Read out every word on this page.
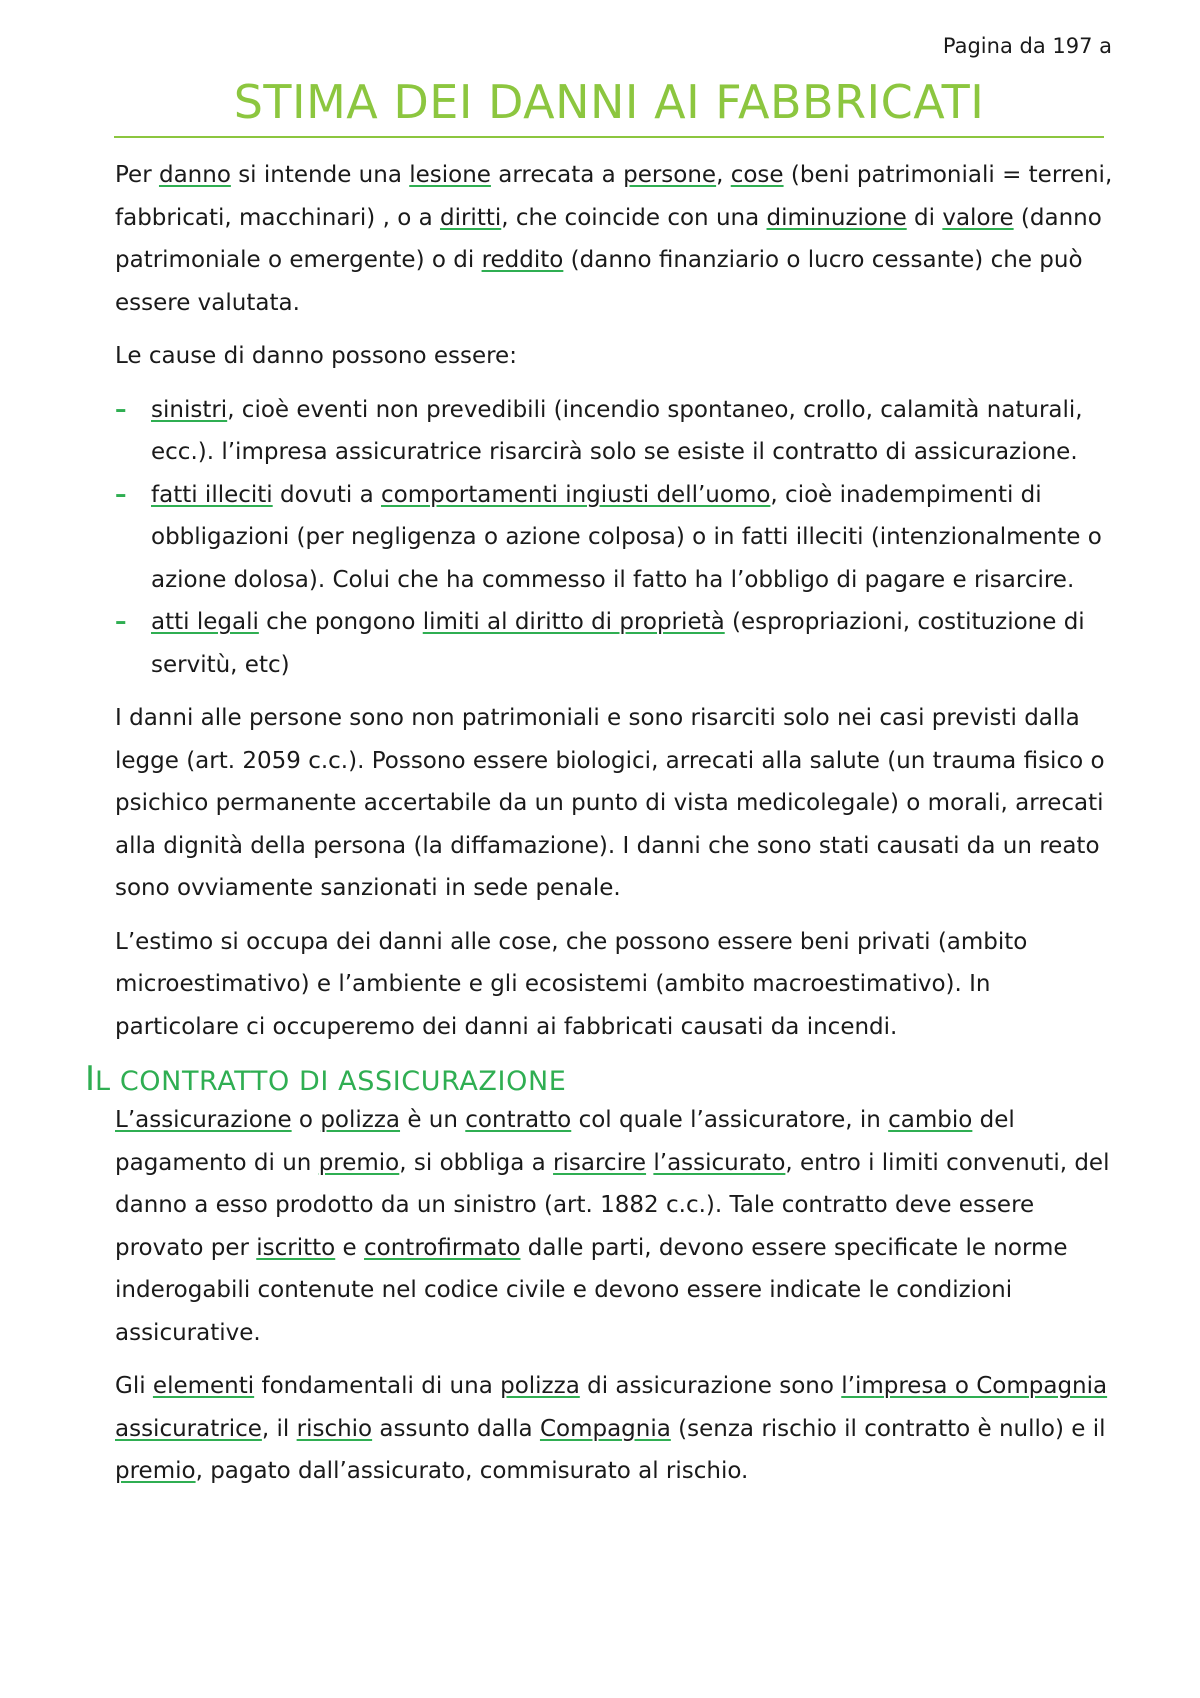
Pagina da 197 a
STIMA DEI DANNI AI FABBRICATI

Per danno si intende una lesione arrecata a persone, cose (beni patrimoniali = terreni, fabbricati, macchinari) , o a diritti, che coincide con una diminuzione di valore (danno patrimoniale o emergente) o di reddito (danno finanziario o lucro cessante) che può essere valutata.

Le cause di danno possono essere:

– sinistri, cioè eventi non prevedibili (incendio spontaneo, crollo, calamità naturali, ecc.). l’impresa assicuratrice risarcirà solo se esiste il contratto di assicurazione.
– fatti illeciti dovuti a comportamenti ingiusti dell’uomo, cioè inadempimenti di obbligazioni (per negligenza o azione colposa) o in fatti illeciti (intenzionalmente o azione dolosa). Colui che ha commesso il fatto ha l’obbligo di pagare e risarcire.
– atti legali che pongono limiti al diritto di proprietà (espropriazioni, costituzione di servitù, etc)

I danni alle persone sono non patrimoniali e sono risarciti solo nei casi previsti dalla legge (art. 2059 c.c.). Possono essere biologici, arrecati alla salute (un trauma fisico o psichico permanente accertabile da un punto di vista medicolegale) o morali, arrecati alla dignità della persona (la diffamazione). I danni che sono stati causati da un reato sono ovviamente sanzionati in sede penale.

L’estimo si occupa dei danni alle cose, che possono essere beni privati (ambito microestimativo) e l’ambiente e gli ecosistemi (ambito macroestimativo). In particolare ci occuperemo dei danni ai fabbricati causati da incendi.

IL CONTRATTO DI ASSICURAZIONE

L’assicurazione o polizza è un contratto col quale l’assicuratore, in cambio del pagamento di un premio, si obbliga a risarcire l’assicurato, entro i limiti convenuti, del danno a esso prodotto da un sinistro (art. 1882 c.c.). Tale contratto deve essere provato per iscritto e controfirmato dalle parti, devono essere specificate le norme inderogabili contenute nel codice civile e devono essere indicate le condizioni assicurative.

Gli elementi fondamentali di una polizza di assicurazione sono l’impresa o Compagnia assicuratrice, il rischio assunto dalla Compagnia (senza rischio il contratto è nullo) e il premio, pagato dall’assicurato, commisurato al rischio.
